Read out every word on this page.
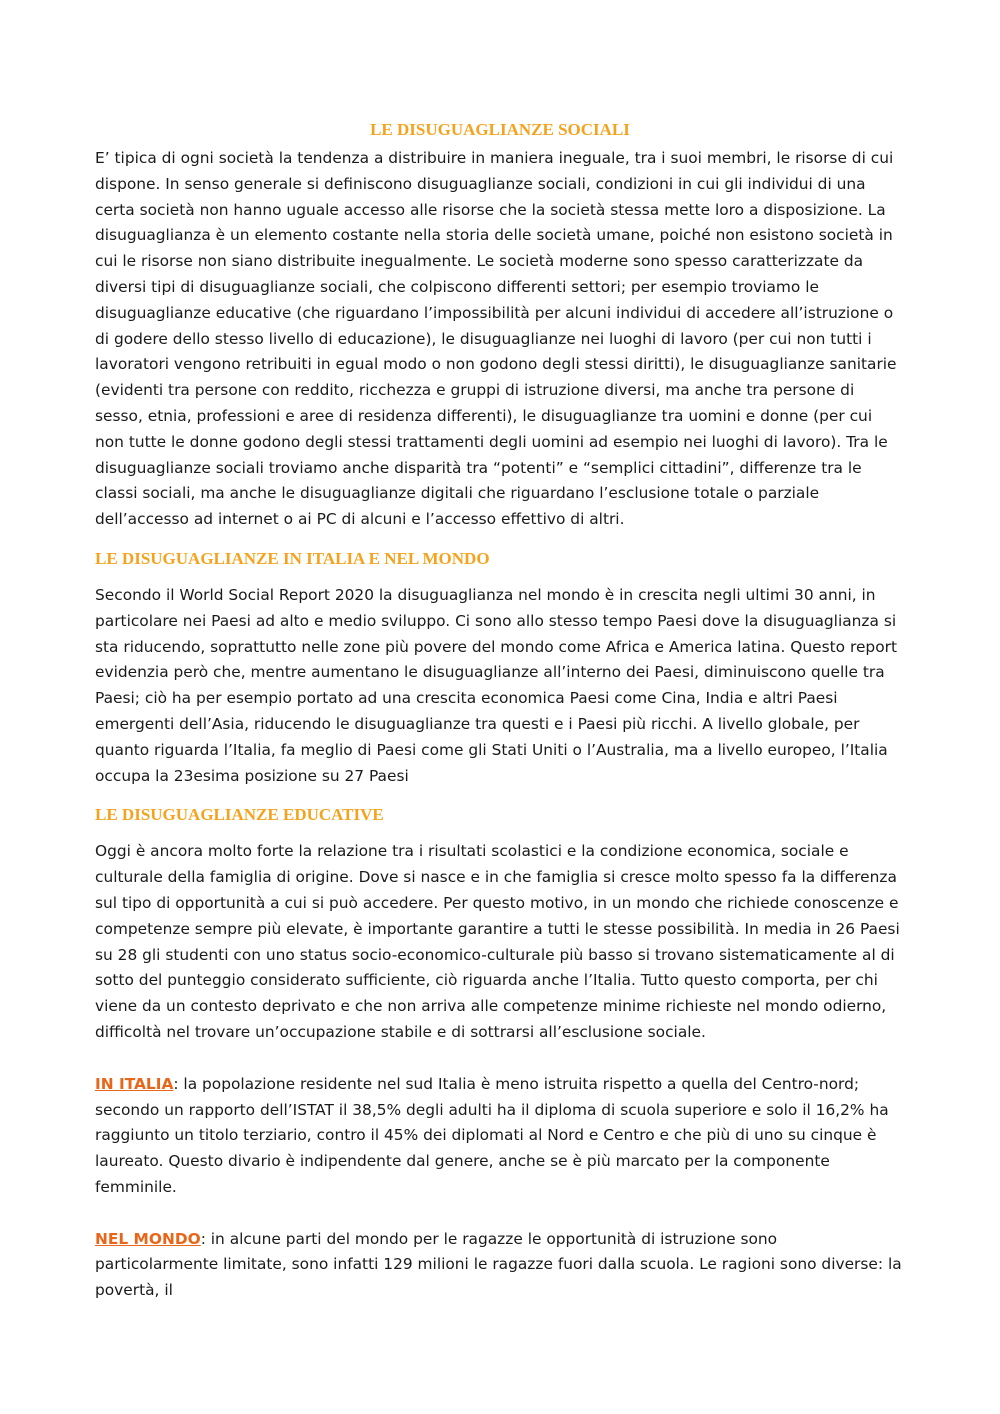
LE DISUGUAGLIANZE SOCIALI

E’ tipica di ogni società la tendenza a distribuire in maniera ineguale, tra i suoi membri, le risorse di cui dispone. In senso generale si definiscono disuguaglianze sociali, condizioni in cui gli individui di una certa società non hanno uguale accesso alle risorse che la società stessa mette loro a disposizione. La disuguaglianza è un elemento costante nella storia delle società umane, poiché non esistono società in cui le risorse non siano distribuite inegualmente. Le società moderne sono spesso caratterizzate da diversi tipi di disuguaglianze sociali, che colpiscono differenti settori; per esempio troviamo le disuguaglianze educative (che riguardano l’impossibilità per alcuni individui di accedere all’istruzione o di godere dello stesso livello di educazione), le disuguaglianze nei luoghi di lavoro (per cui non tutti i lavoratori vengono retribuiti in egual modo o non godono degli stessi diritti), le disuguaglianze sanitarie (evidenti tra persone con reddito, ricchezza e gruppi di istruzione diversi, ma anche tra persone di sesso, etnia, professioni e aree di residenza differenti), le disuguaglianze tra uomini e donne (per cui non tutte le donne godono degli stessi trattamenti degli uomini ad esempio nei luoghi di lavoro). Tra le disuguaglianze sociali troviamo anche disparità tra “potenti” e “semplici cittadini”, differenze tra le classi sociali, ma anche le disuguaglianze digitali che riguardano l’esclusione totale o parziale dell’accesso ad internet o ai PC di alcuni e l’accesso effettivo di altri.

LE DISUGUAGLIANZE IN ITALIA E NEL MONDO

Secondo il World Social Report 2020 la disuguaglianza nel mondo è in crescita negli ultimi 30 anni, in particolare nei Paesi ad alto e medio sviluppo. Ci sono allo stesso tempo Paesi dove la disuguaglianza si sta riducendo, soprattutto nelle zone più povere del mondo come Africa e America latina. Questo report evidenzia però che, mentre aumentano le disuguaglianze all’interno dei Paesi, diminuiscono quelle tra Paesi; ciò ha per esempio portato ad una crescita economica Paesi come Cina, India e altri Paesi emergenti dell’Asia, riducendo le disuguaglianze tra questi e i Paesi più ricchi. A livello globale, per quanto riguarda l’Italia, fa meglio di Paesi come gli Stati Uniti o l’Australia, ma a livello europeo, l’Italia occupa la 23esima posizione su 27 Paesi

LE DISUGUAGLIANZE EDUCATIVE

Oggi è ancora molto forte la relazione tra i risultati scolastici e la condizione economica, sociale e culturale della famiglia di origine. Dove si nasce e in che famiglia si cresce molto spesso fa la differenza sul tipo di opportunità a cui si può accedere. Per questo motivo, in un mondo che richiede conoscenze e competenze sempre più elevate, è importante garantire a tutti le stesse possibilità. In media in 26 Paesi su 28 gli studenti con uno status socio-economico-culturale più basso si trovano sistematicamente al di sotto del punteggio considerato sufficiente, ciò riguarda anche l’Italia. Tutto questo comporta, per chi viene da un contesto deprivato e che non arriva alle competenze minime richieste nel mondo odierno, difficoltà nel trovare un’occupazione stabile e di sottrarsi all’esclusione sociale.

IN ITALIA: la popolazione residente nel sud Italia è meno istruita rispetto a quella del Centro-nord; secondo un rapporto dell’ISTAT il 38,5% degli adulti ha il diploma di scuola superiore e solo il 16,2% ha raggiunto un titolo terziario, contro il 45% dei diplomati al Nord e Centro e che più di uno su cinque è laureato. Questo divario è indipendente dal genere, anche se è più marcato per la componente femminile.

NEL MONDO: in alcune parti del mondo per le ragazze le opportunità di istruzione sono particolarmente limitate, sono infatti 129 milioni le ragazze fuori dalla scuola. Le ragioni sono diverse: la povertà, il
